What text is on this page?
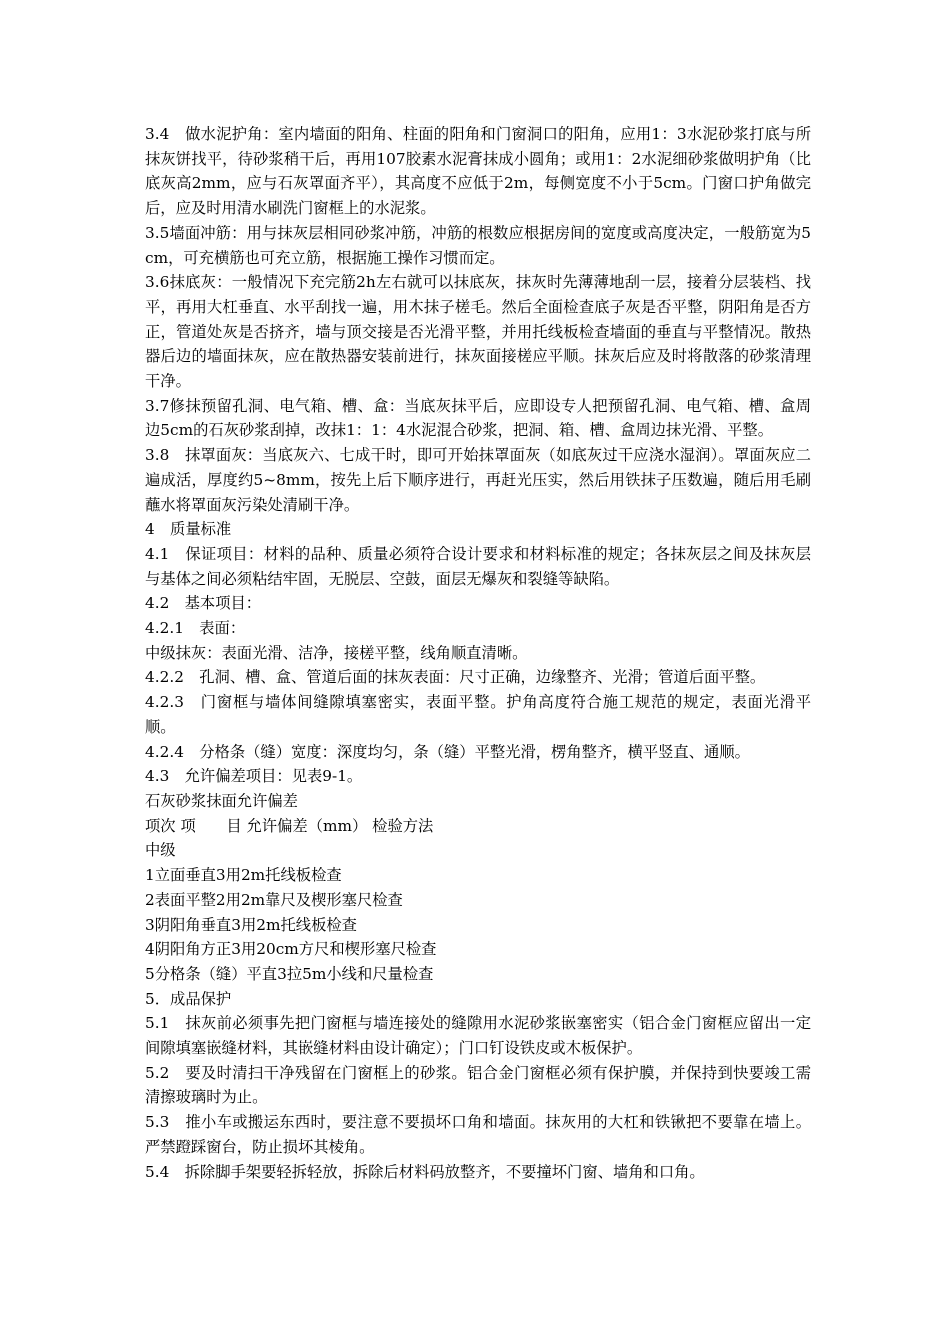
3.4　做水泥护角：室内墙面的阳角、柱面的阳角和门窗洞口的阳角，应用1：3水泥砂浆打底与所抹灰饼找平，待砂浆稍干后，再用107胶素水泥膏抹成小圆角；或用1：2水泥细砂浆做明护角（比底灰高2mm，应与石灰罩面齐平），其高度不应低于2m，每侧宽度不小于5cm。门窗口护角做完后，应及时用清水刷洗门窗框上的水泥浆。

3.5墙面冲筋：用与抹灰层相同砂浆冲筋，冲筋的根数应根据房间的宽度或高度决定，一般筋宽为5cm，可充横筋也可充立筋，根据施工操作习惯而定。

3.6抹底灰：一般情况下充完筋2h左右就可以抹底灰，抹灰时先薄薄地刮一层，接着分层装档、找平，再用大杠垂直、水平刮找一遍，用木抹子槎毛。然后全面检查底子灰是否平整，阴阳角是否方正，管道处灰是否挤齐，墙与顶交接是否光滑平整，并用托线板检查墙面的垂直与平整情况。散热器后边的墙面抹灰，应在散热器安装前进行，抹灰面接槎应平顺。抹灰后应及时将散落的砂浆清理干净。

3.7修抹预留孔洞、电气箱、槽、盒：当底灰抹平后，应即设专人把预留孔洞、电气箱、槽、盒周边5cm的石灰砂浆刮掉，改抹1：1：4水泥混合砂浆，把洞、箱、槽、盒周边抹光滑、平整。

3.8　抹罩面灰：当底灰六、七成干时，即可开始抹罩面灰（如底灰过干应浇水湿润）。罩面灰应二遍成活，厚度约5~8mm，按先上后下顺序进行，再赶光压实，然后用铁抹子压数遍，随后用毛刷蘸水将罩面灰污染处清刷干净。

4　质量标准

4.1　保证项目：材料的品种、质量必须符合设计要求和材料标准的规定；各抹灰层之间及抹灰层与基体之间必须粘结牢固，无脱层、空鼓，面层无爆灰和裂缝等缺陷。

4.2　基本项目：

4.2.1　表面：

中级抹灰：表面光滑、洁净，接槎平整，线角顺直清晰。

4.2.2　孔洞、槽、盒、管道后面的抹灰表面：尺寸正确，边缘整齐、光滑；管道后面平整。

4.2.3　门窗框与墙体间缝隙填塞密实，表面平整。护角高度符合施工规范的规定，表面光滑平顺。

4.2.4　分格条（缝）宽度：深度均匀，条（缝）平整光滑，楞角整齐，横平竖直、通顺。

4.3　允许偏差项目：见表9-1。

石灰砂浆抹面允许偏差

项次 项　　目 允许偏差（mm） 检验方法

中级

1立面垂直3用2m托线板检查

2表面平整2用2m靠尺及楔形塞尺检查

3阴阳角垂直3用2m托线板检查

4阴阳角方正3用20cm方尺和楔形塞尺检查

5分格条（缝）平直3拉5m小线和尺量检查

5．成品保护

5.1　抹灰前必须事先把门窗框与墙连接处的缝隙用水泥砂浆嵌塞密实（铝合金门窗框应留出一定间隙填塞嵌缝材料，其嵌缝材料由设计确定）；门口钉设铁皮或木板保护。

5.2　要及时清扫干净残留在门窗框上的砂浆。铝合金门窗框必须有保护膜，并保持到快要竣工需清擦玻璃时为止。

5.3　推小车或搬运东西时，要注意不要损坏口角和墙面。抹灰用的大杠和铁锹把不要靠在墙上。严禁蹬踩窗台，防止损坏其棱角。

5.4　拆除脚手架要轻拆轻放，拆除后材料码放整齐，不要撞坏门窗、墙角和口角。
